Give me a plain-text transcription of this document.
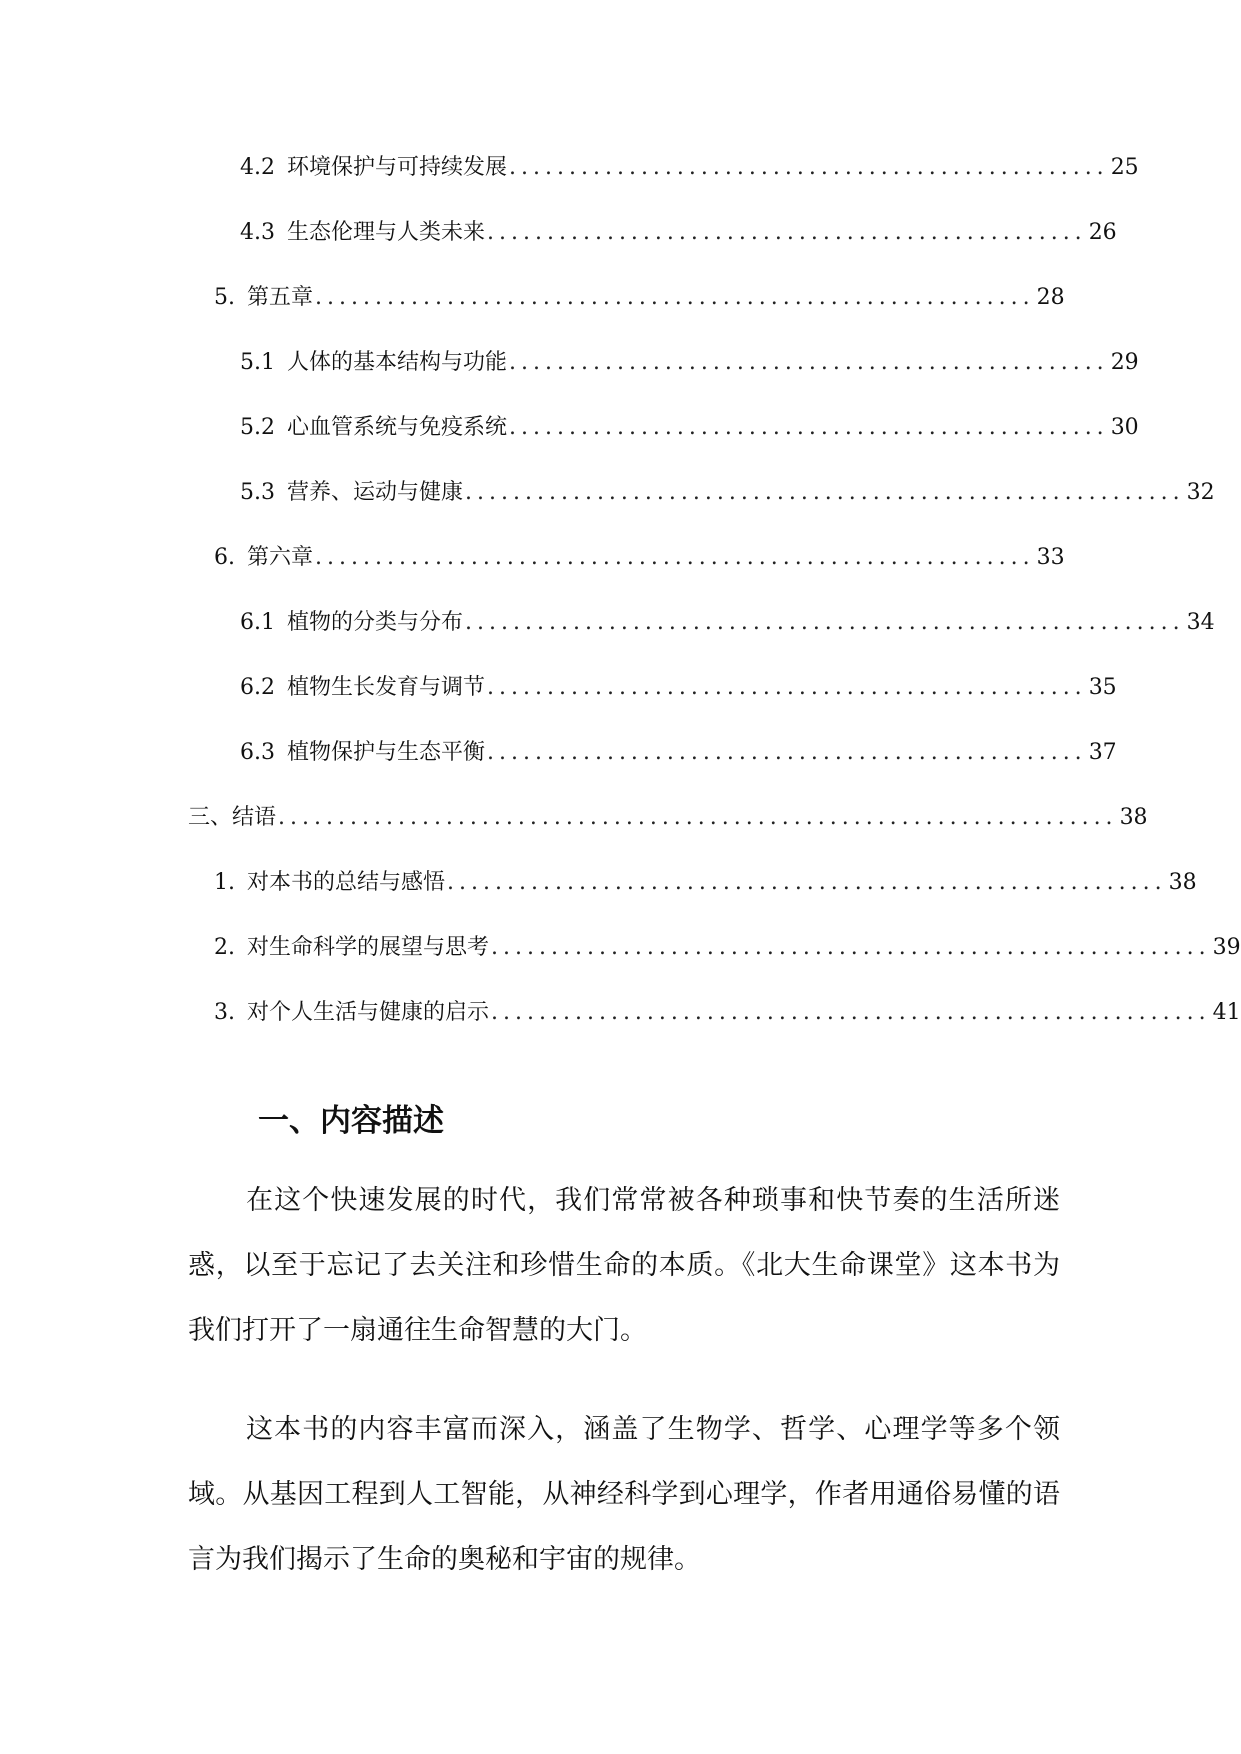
4.2 环境保护与可持续发展 .................................................. 25
4.3 生态伦理与人类未来 .................................................. 26
5. 第五章 ............................................................ 28
5.1 人体的基本结构与功能 .................................................. 29
5.2 心血管系统与免疫系统 .................................................. 30
5.3 营养、运动与健康 ............................................................ 32
6. 第六章 ............................................................ 33
6.1 植物的分类与分布 ............................................................ 34
6.2 植物生长发育与调节 .................................................. 35
6.3 植物保护与生态平衡 .................................................. 37
三、 结语 ...................................................................... 38
1. 对本书的总结与感悟 ............................................................ 38
2. 对生命科学的展望与思考 ............................................................ 39
3. 对个人生活与健康的启示 ............................................................ 41
一、内容描述

在这个快速发展的时代，我们常常被各种琐事和快节奏的生活所迷惑，以至于忘记了去关注和珍惜生命的本质。《北大生命课堂》这本书为我们打开了一扇通往生命智慧的大门。

这本书的内容丰富而深入，涵盖了生物学、哲学、心理学等多个领域。从基因工程到人工智能，从神经科学到心理学，作者用通俗易懂的语言为我们揭示了生命的奥秘和宇宙的规律。
